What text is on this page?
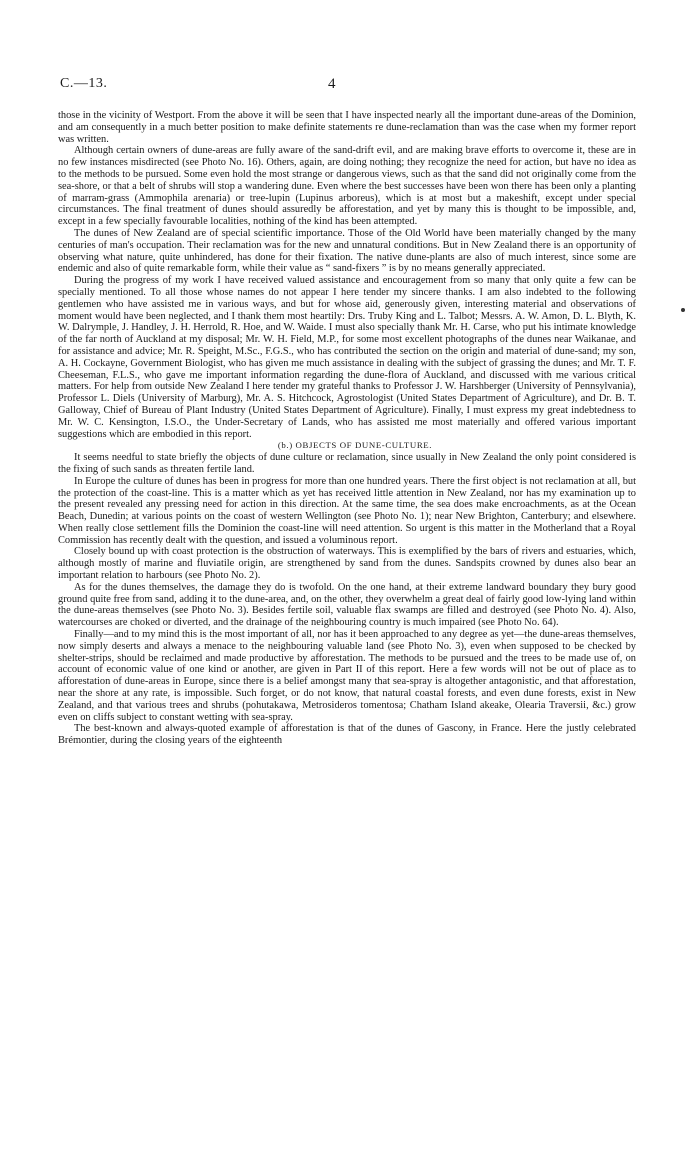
C.—13.	4

those in the vicinity of Westport. From the above it will be seen that I have inspected nearly all the important dune-areas of the Dominion, and am consequently in a much better position to make definite statements re dune-reclamation than was the case when my former report was written.

Although certain owners of dune-areas are fully aware of the sand-drift evil, and are making brave efforts to overcome it, these are in no few instances misdirected (see Photo No. 16). Others, again, are doing nothing; they recognize the need for action, but have no idea as to the methods to be pursued. Some even hold the most strange or dangerous views, such as that the sand did not originally come from the sea-shore, or that a belt of shrubs will stop a wandering dune. Even where the best successes have been won there has been only a planting of marram-grass (Ammophila arenaria) or tree-lupin (Lupinus arboreus), which is at most but a makeshift, except under special circumstances. The final treatment of dunes should assuredly be afforestation, and yet by many this is thought to be impossible, and, except in a few specially favourable localities, nothing of the kind has been attempted.

The dunes of New Zealand are of special scientific importance. Those of the Old World have been materially changed by the many centuries of man's occupation. Their reclamation was for the new and unnatural conditions. But in New Zealand there is an opportunity of observing what nature, quite unhindered, has done for their fixation. The native dune-plants are also of much interest, since some are endemic and also of quite remarkable form, while their value as “ sand-fixers ” is by no means generally appreciated.

During the progress of my work I have received valued assistance and encouragement from so many that only quite a few can be specially mentioned. To all those whose names do not appear I here tender my sincere thanks. I am also indebted to the following gentlemen who have assisted me in various ways, and but for whose aid, generously given, interesting material and observations of moment would have been neglected, and I thank them most heartily: Drs. Truby King and L. Talbot; Messrs. A. W. Amon, D. L. Blyth, K. W. Dalrymple, J. Handley, J. H. Herrold, R. Hoe, and W. Waide. I must also specially thank Mr. H. Carse, who put his intimate knowledge of the far north of Auckland at my disposal; Mr. W. H. Field, M.P., for some most excellent photographs of the dunes near Waikanae, and for assistance and advice; Mr. R. Speight, M.Sc., F.G.S., who has contributed the section on the origin and material of dune-sand; my son, A. H. Cockayne, Government Biologist, who has given me much assistance in dealing with the subject of grassing the dunes; and Mr. T. F. Cheeseman, F.L.S., who gave me important information regarding the dune-flora of Auckland, and discussed with me various critical matters. For help from outside New Zealand I here tender my grateful thanks to Professor J. W. Harshberger (University of Pennsylvania), Professor L. Diels (University of Marburg), Mr. A. S. Hitchcock, Agrostologist (United States Department of Agriculture), and Dr. B. T. Galloway, Chief of Bureau of Plant Industry (United States Department of Agriculture). Finally, I must express my great indebtedness to Mr. W. C. Kensington, I.S.O., the Under-Secretary of Lands, who has assisted me most materially and offered various important suggestions which are embodied in this report.

(b.) OBJECTS OF DUNE-CULTURE.

It seems needful to state briefly the objects of dune culture or reclamation, since usually in New Zealand the only point considered is the fixing of such sands as threaten fertile land.

In Europe the culture of dunes has been in progress for more than one hundred years. There the first object is not reclamation at all, but the protection of the coast-line. This is a matter which as yet has received little attention in New Zealand, nor has my examination up to the present revealed any pressing need for action in this direction. At the same time, the sea does make encroachments, as at the Ocean Beach, Dunedin; at various points on the coast of western Wellington (see Photo No. 1); near New Brighton, Canterbury; and elsewhere. When really close settlement fills the Dominion the coast-line will need attention. So urgent is this matter in the Motherland that a Royal Commission has recently dealt with the question, and issued a voluminous report.

Closely bound up with coast protection is the obstruction of waterways. This is exemplified by the bars of rivers and estuaries, which, although mostly of marine and fluviatile origin, are strengthened by sand from the dunes. Sandspits crowned by dunes also bear an important relation to harbours (see Photo No. 2).

As for the dunes themselves, the damage they do is twofold. On the one hand, at their extreme landward boundary they bury good ground quite free from sand, adding it to the dune-area, and, on the other, they overwhelm a great deal of fairly good low-lying land within the dune-areas themselves (see Photo No. 3). Besides fertile soil, valuable flax swamps are filled and destroyed (see Photo No. 4). Also, watercourses are choked or diverted, and the drainage of the neighbouring country is much impaired (see Photo No. 64).

Finally—and to my mind this is the most important of all, nor has it been approached to any degree as yet—the dune-areas themselves, now simply deserts and always a menace to the neighbouring valuable land (see Photo No. 3), even when supposed to be checked by shelter-strips, should be reclaimed and made productive by afforestation. The methods to be pursued and the trees to be made use of, on account of economic value of one kind or another, are given in Part II of this report. Here a few words will not be out of place as to afforestation of dune-areas in Europe, since there is a belief amongst many that sea-spray is altogether antagonistic, and that afforestation, near the shore at any rate, is impossible. Such forget, or do not know, that natural coastal forests, and even dune forests, exist in New Zealand, and that various trees and shrubs (pohutakawa, Metrosideros tomentosa; Chatham Island akeake, Olearia Traversii, &c.) grow even on cliffs subject to constant wetting with sea-spray.

The best-known and always-quoted example of afforestation is that of the dunes of Gascony, in France. Here the justly celebrated Brémontier, during the closing years of the eighteenth
